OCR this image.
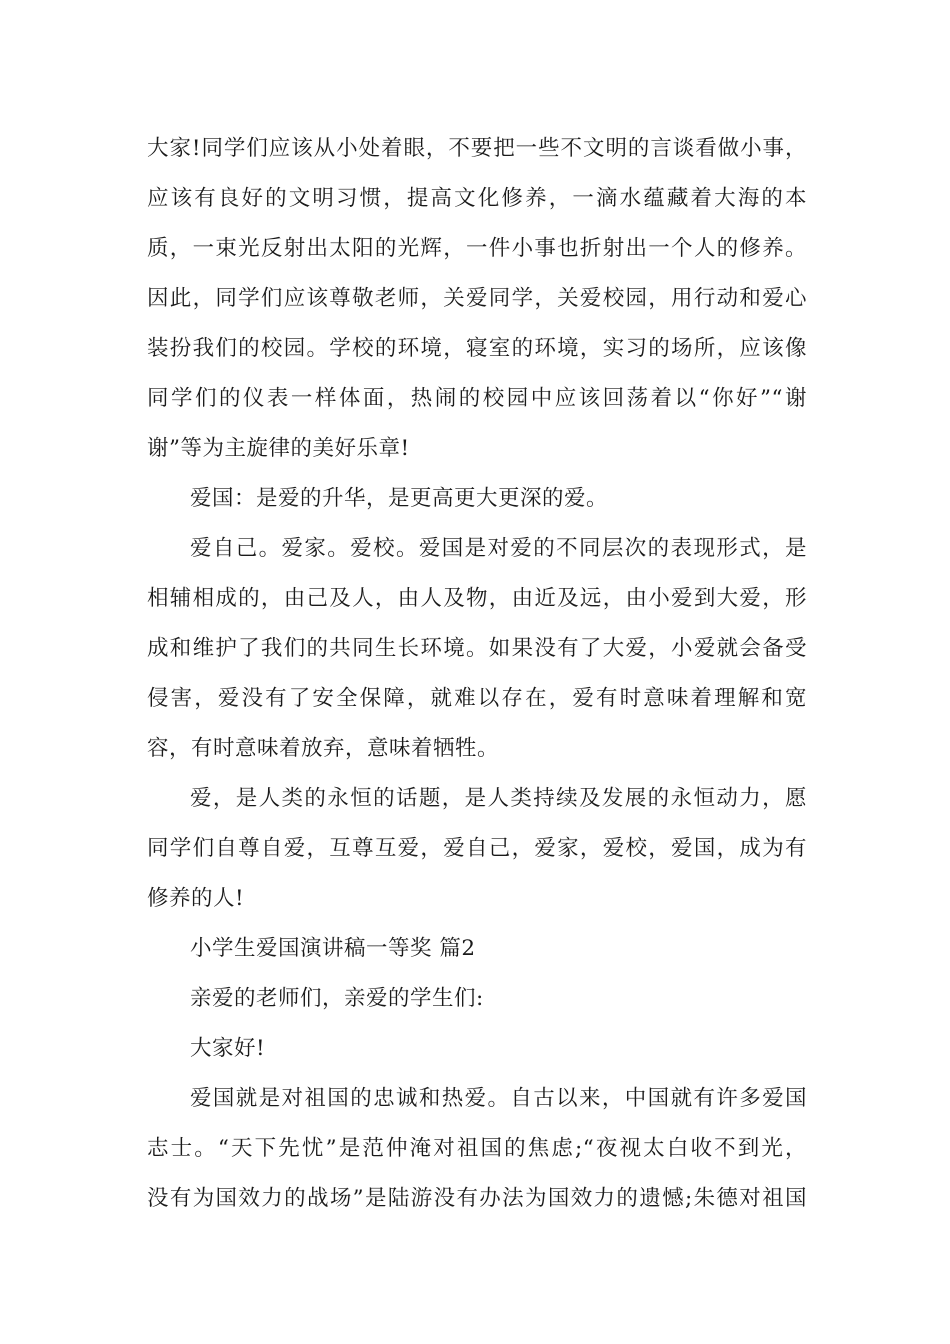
大家!同学们应该从小处着眼，不要把一些不文明的言谈看做小事，
应该有良好的文明习惯，提高文化修养，一滴水蕴藏着大海的本
质，一束光反射出太阳的光辉，一件小事也折射出一个人的修养。
因此，同学们应该尊敬老师，关爱同学，关爱校园，用行动和爱心
装扮我们的校园。学校的环境，寝室的环境，实习的场所，应该像
同学们的仪表一样体面，热闹的校园中应该回荡着以“你好”“谢
谢”等为主旋律的美好乐章!
爱国：是爱的升华，是更高更大更深的爱。
爱自己。爱家。爱校。爱国是对爱的不同层次的表现形式，是
相辅相成的，由己及人，由人及物，由近及远，由小爱到大爱，形
成和维护了我们的共同生长环境。如果没有了大爱，小爱就会备受
侵害，爱没有了安全保障，就难以存在，爱有时意味着理解和宽
容，有时意味着放弃，意味着牺牲。
爱，是人类的永恒的话题，是人类持续及发展的永恒动力，愿
同学们自尊自爱，互尊互爱，爱自己，爱家，爱校，爱国，成为有
修养的人!
小学生爱国演讲稿一等奖 篇2
亲爱的老师们，亲爱的学生们:
大家好!
爱国就是对祖国的忠诚和热爱。自古以来，中国就有许多爱国
志士。“天下先忧”是范仲淹对祖国的焦虑;“夜视太白收不到光，
没有为国效力的战场”是陆游没有办法为国效力的遗憾;朱德对祖国
